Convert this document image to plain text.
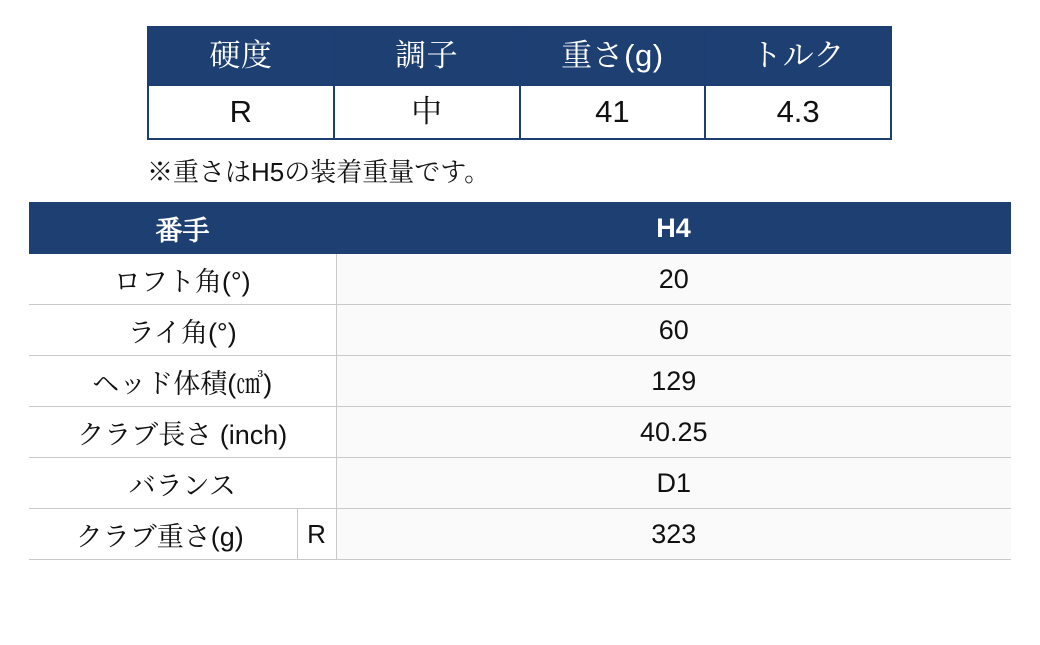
硬度	調子	重さ(g)	トルク
R	中	41	4.3
※重さはH5の装着重量です。
番手	H4
ロフト角(°)	20
ライ角(°)	60
ヘッド体積(㎤)	129
クラブ長さ (inch)	40.25
バランス	D1

クラブ重さ(g) R	323
